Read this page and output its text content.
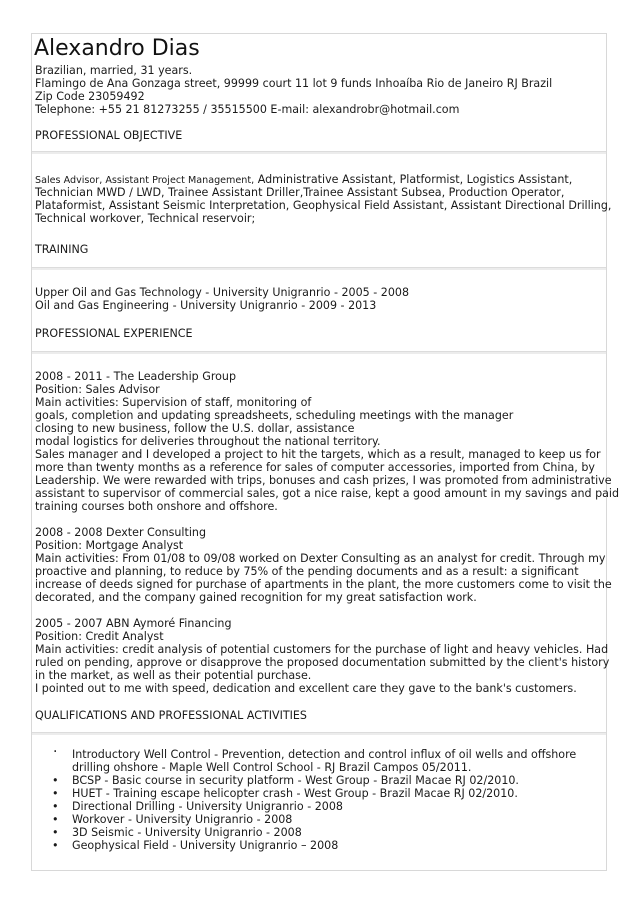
Alexandro Dias
Brazilian, married, 31 years.
Flamingo de Ana Gonzaga street, 99999 court 11 lot 9 funds Inhoaíba Rio de Janeiro RJ Brazil
Zip Code 23059492
Telephone: +55 21 81273255 / 35515500 E-mail: alexandrobr@hotmail.com
PROFESSIONAL OBJECTIVE
Sales Advisor, Assistant Project Management, Administrative Assistant, Platformist, Logistics Assistant,
Technician MWD / LWD, Trainee Assistant Driller,Trainee Assistant Subsea, Production Operator,
Plataformist, Assistant Seismic Interpretation, Geophysical Field Assistant, Assistant Directional Drilling,
Technical workover, Technical reservoir;
TRAINING
Upper Oil and Gas Technology - University Unigranrio - 2005 - 2008
Oil and Gas Engineering - University Unigranrio - 2009 - 2013
PROFESSIONAL EXPERIENCE
2008 - 2011 - The Leadership Group
Position: Sales Advisor
Main activities: Supervision of staff, monitoring of
goals, completion and updating spreadsheets, scheduling meetings with the manager
closing to new business, follow the U.S. dollar, assistance
modal logistics for deliveries throughout the national territory.
Sales manager and I developed a project to hit the targets, which as a result, managed to keep us for
more than twenty months as a reference for sales of computer accessories, imported from China, by
Leadership. We were rewarded with trips, bonuses and cash prizes, I was promoted from administrative
assistant to supervisor of commercial sales, got a nice raise, kept a good amount in my savings and paid
training courses both onshore and offshore.
2008 - 2008 Dexter Consulting
Position: Mortgage Analyst
Main activities: From 01/08 to 09/08 worked on Dexter Consulting as an analyst for credit. Through my
proactive and planning, to reduce by 75% of the pending documents and as a result: a significant
increase of deeds signed for purchase of apartments in the plant, the more customers come to visit the
decorated, and the company gained recognition for my great satisfaction work.
2005 - 2007 ABN Aymoré Financing
Position: Credit Analyst
Main activities: credit analysis of potential customers for the purchase of light and heavy vehicles. Had
ruled on pending, approve or disapprove the proposed documentation submitted by the client's history
in the market, as well as their potential purchase.
I pointed out to me with speed, dedication and excellent care they gave to the bank's customers.
QUALIFICATIONS AND PROFESSIONAL ACTIVITIES
· Introductory Well Control - Prevention, detection and control influx of oil wells and offshore
drilling ohshore - Maple Well Control School - RJ Brazil Campos 05/2011.
• BCSP - Basic course in security platform - West Group - Brazil Macae RJ 02/2010.
• HUET - Training escape helicopter crash - West Group - Brazil Macae RJ 02/2010.
• Directional Drilling - University Unigranrio - 2008
• Workover - University Unigranrio - 2008
• 3D Seismic - University Unigranrio - 2008
• Geophysical Field - University Unigranrio – 2008
